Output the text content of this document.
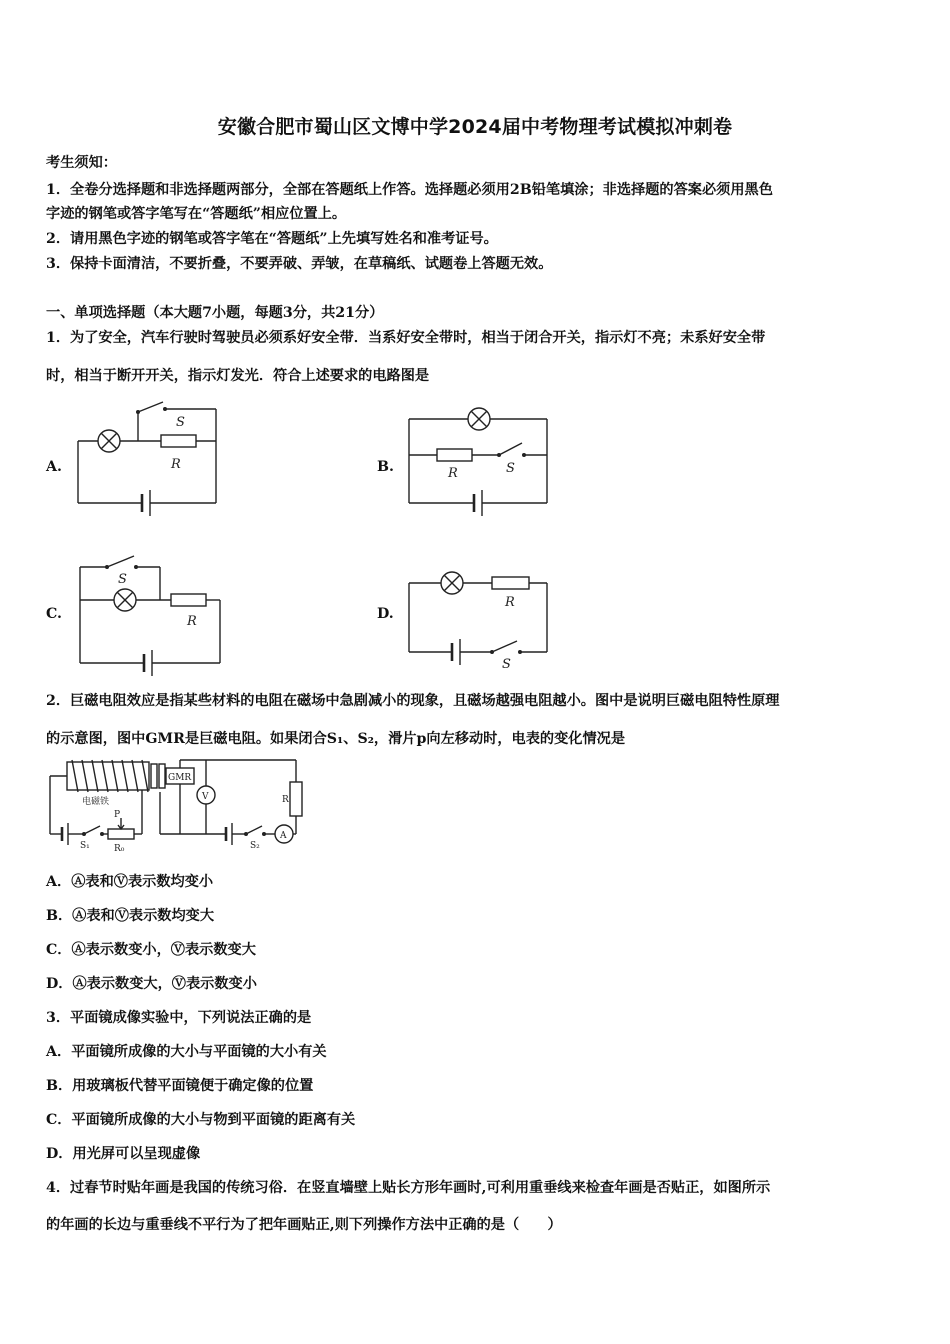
安徽合肥市蜀山区文博中学2024届中考物理考试模拟冲刺卷
考生须知：
1．全卷分选择题和非选择题两部分，全部在答题纸上作答。选择题必须用2B铅笔填涂；非选择题的答案必须用黑色
字迹的钢笔或答字笔写在“答题纸”相应位置上。
2．请用黑色字迹的钢笔或答字笔在“答题纸”上先填写姓名和准考证号。
3．保持卡面清洁，不要折叠，不要弄破、弄皱，在草稿纸、试题卷上答题无效。
一、单项选择题（本大题7小题，每题3分，共21分）
1．为了安全，汽车行驶时驾驶员必须系好安全带．当系好安全带时，相当于闭合开关，指示灯不亮；未系好安全带
时，相当于断开开关，指示灯发光．符合上述要求的电路图是
A.	B.
C.	D.
S
R
R	S
S
R
R
S
电磁铁
P
S₁	R₀
GMR
R
V
A
S₂
2．巨磁电阻效应是指某些材料的电阻在磁场中急剧减小的现象，且磁场越强电阻越小。图中是说明巨磁电阻特性原理
的示意图，图中GMR是巨磁电阻。如果闭合S₁、S₂，滑片p向左移动时，电表的变化情况是
A．Ⓐ表和Ⓥ表示数均变小
B．Ⓐ表和Ⓥ表示数均变大
C．Ⓐ表示数变小，Ⓥ表示数变大
D．Ⓐ表示数变大，Ⓥ表示数变小
3．平面镜成像实验中，下列说法正确的是
A．平面镜所成像的大小与平面镜的大小有关
B．用玻璃板代替平面镜便于确定像的位置
C．平面镜所成像的大小与物到平面镜的距离有关
D．用光屏可以呈现虚像
4．过春节时贴年画是我国的传统习俗．在竖直墙壁上贴长方形年画时,可利用重垂线来检查年画是否贴正，如图所示
的年画的长边与重垂线不平行为了把年画贴正,则下列操作方法中正确的是（　　）
